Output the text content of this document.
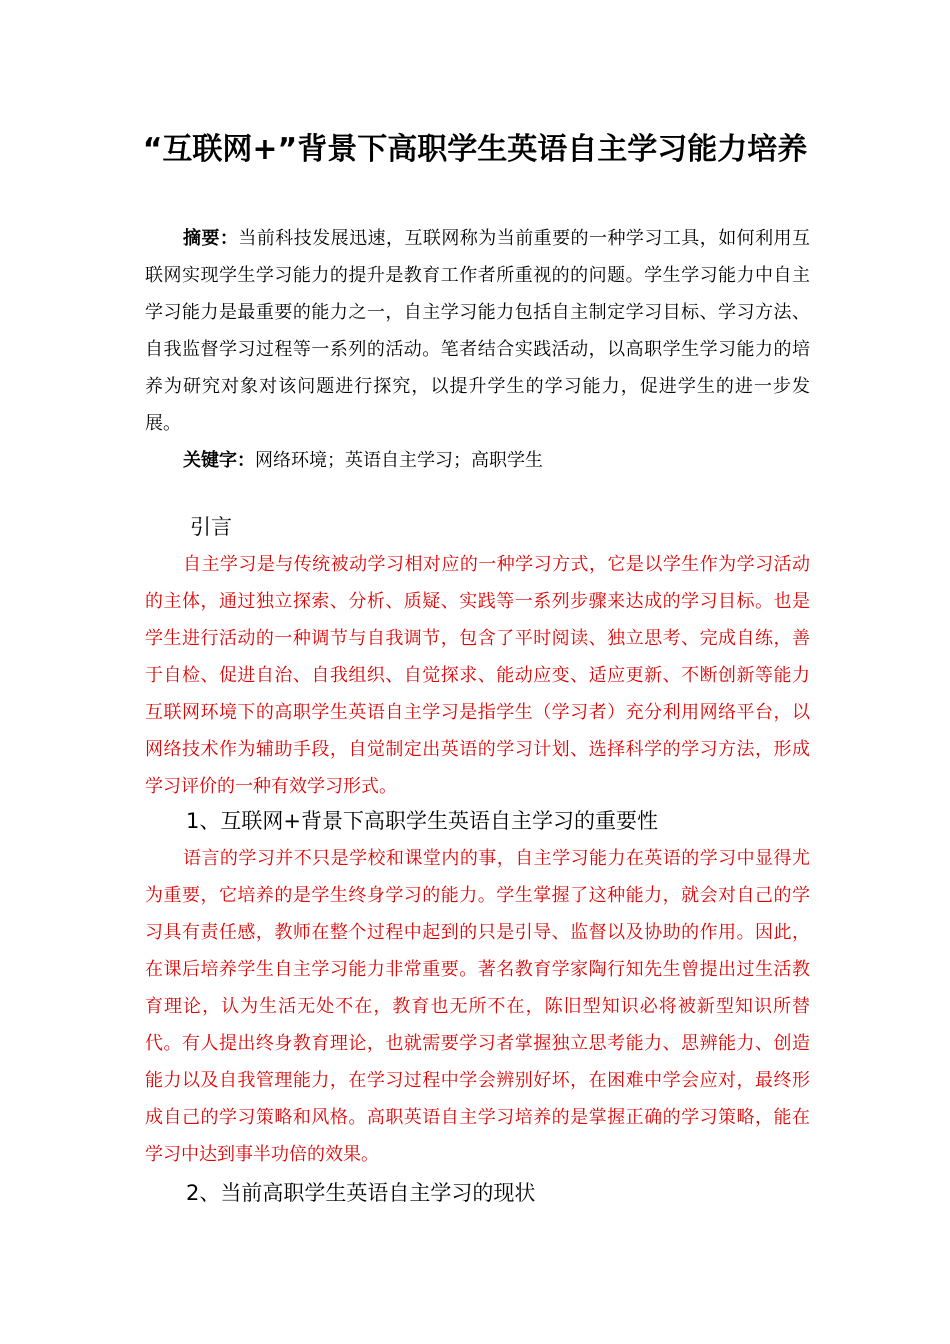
“互联网+”背景下高职学生英语自主学习能力培养

摘要：当前科技发展迅速，互联网称为当前重要的一种学习工具，如何利用互联网实现学生学习能力的提升是教育工作者所重视的的问题。学生学习能力中自主学习能力是最重要的能力之一，自主学习能力包括自主制定学习目标、学习方法、自我监督学习过程等一系列的活动。笔者结合实践活动，以高职学生学习能力的培养为研究对象对该问题进行探究，以提升学生的学习能力，促进学生的进一步发展。

关键字：网络环境；英语自主学习；高职学生

引言

自主学习是与传统被动学习相对应的一种学习方式，它是以学生作为学习活动的主体，通过独立探索、分析、质疑、实践等一系列步骤来达成的学习目标。也是学生进行活动的一种调节与自我调节，包含了平时阅读、独立思考、完成自练，善于自检、促进自治、自我组织、自觉探求、能动应变、适应更新、不断创新等能力互联网环境下的高职学生英语自主学习是指学生（学习者）充分利用网络平台，以网络技术作为辅助手段，自觉制定出英语的学习计划、选择科学的学习方法，形成学习评价的一种有效学习形式。

1、互联网+背景下高职学生英语自主学习的重要性

语言的学习并不只是学校和课堂内的事，自主学习能力在英语的学习中显得尤为重要，它培养的是学生终身学习的能力。学生掌握了这种能力，就会对自己的学习具有责任感，教师在整个过程中起到的只是引导、监督以及协助的作用。因此，在课后培养学生自主学习能力非常重要。著名教育学家陶行知先生曾提出过生活教育理论，认为生活无处不在，教育也无所不在，陈旧型知识必将被新型知识所替代。有人提出终身教育理论，也就需要学习者掌握独立思考能力、思辨能力、创造能力以及自我管理能力，在学习过程中学会辨别好坏，在困难中学会应对，最终形成自己的学习策略和风格。高职英语自主学习培养的是掌握正确的学习策略，能在学习中达到事半功倍的效果。

2、当前高职学生英语自主学习的现状
